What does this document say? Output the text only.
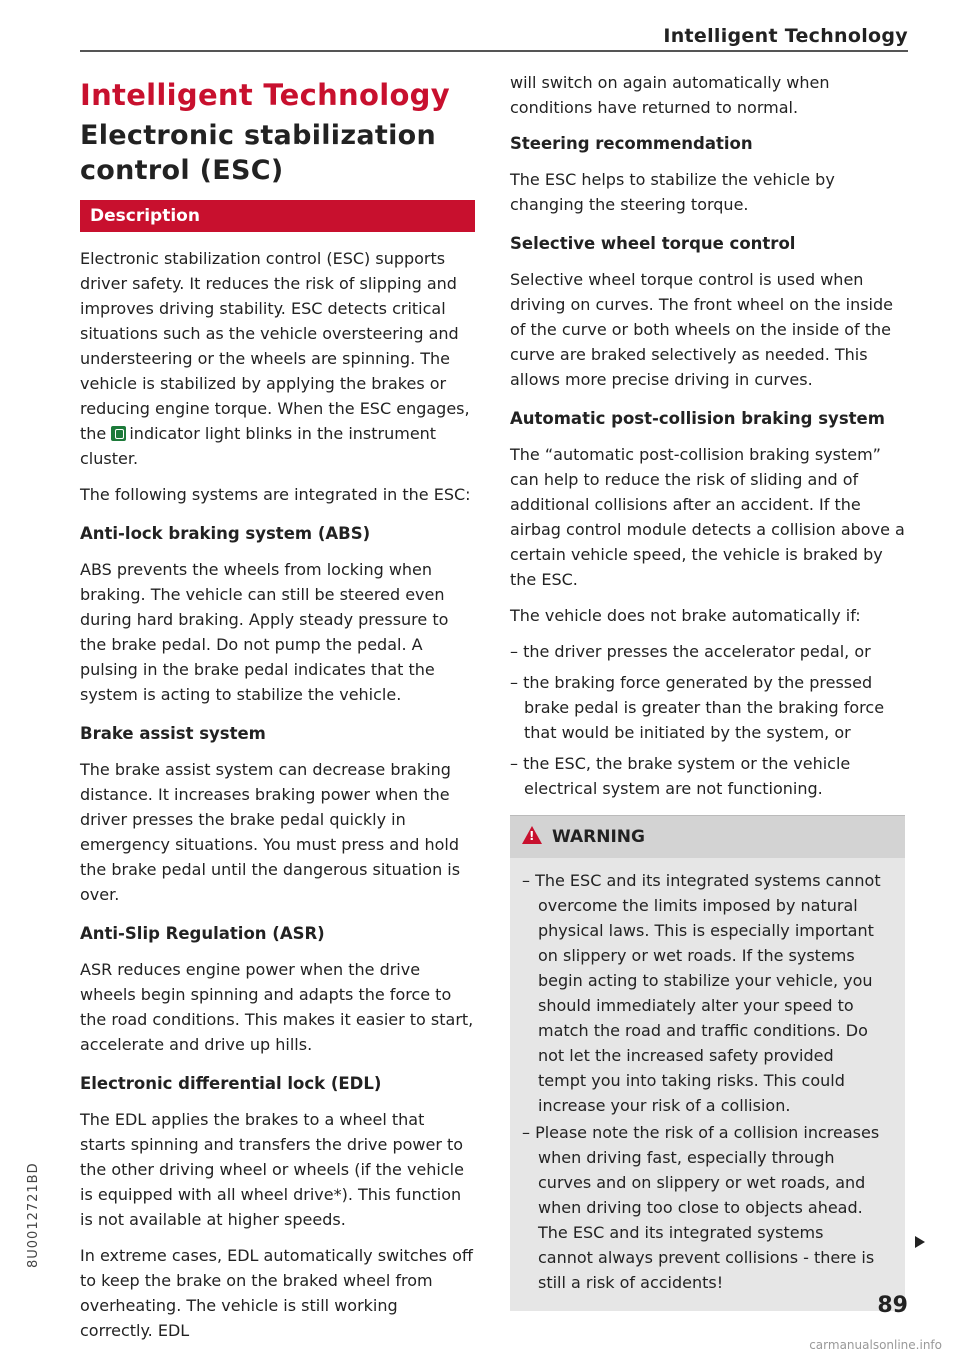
Intelligent Technology
Intelligent Technology
Electronic stabilization control (ESC)
Description

Electronic stabilization control (ESC) supports driver safety. It reduces the risk of slipping and improves driving stability. ESC detects critical situations such as the vehicle oversteering and understeering or the wheels are spinning. The vehicle is stabilized by applying the brakes or reducing engine torque. When the ESC engages, the indicator light blinks in the instrument cluster.

The following systems are integrated in the ESC:

Anti-lock braking system (ABS)

ABS prevents the wheels from locking when braking. The vehicle can still be steered even during hard braking. Apply steady pressure to the brake pedal. Do not pump the pedal. A pulsing in the brake pedal indicates that the system is acting to stabilize the vehicle.

Brake assist system

The brake assist system can decrease braking distance. It increases braking power when the driver presses the brake pedal quickly in emergency situations. You must press and hold the brake pedal until the dangerous situation is over.

Anti-Slip Regulation (ASR)

ASR reduces engine power when the drive wheels begin spinning and adapts the force to the road conditions. This makes it easier to start, accelerate and drive up hills.

Electronic differential lock (EDL)

The EDL applies the brakes to a wheel that starts spinning and transfers the drive power to the other driving wheel or wheels (if the vehicle is equipped with all wheel drive*). This function is not available at higher speeds.

In extreme cases, EDL automatically switches off to keep the brake on the braked wheel from overheating. The vehicle is still working correctly. EDL

will switch on again automatically when conditions have returned to normal.

Steering recommendation

The ESC helps to stabilize the vehicle by changing the steering torque.

Selective wheel torque control

Selective wheel torque control is used when driving on curves. The front wheel on the inside of the curve or both wheels on the inside of the curve are braked selectively as needed. This allows more precise driving in curves.

Automatic post-collision braking system

The “automatic post-collision braking system” can help to reduce the risk of sliding and of additional collisions after an accident. If the airbag control module detects a collision above a certain vehicle speed, the vehicle is braked by the ESC.

The vehicle does not brake automatically if:

– the driver presses the accelerator pedal, or
– the braking force generated by the pressed brake pedal is greater than the braking force that would be initiated by the system, or
– the ESC, the brake system or the vehicle electrical system are not functioning.
!WARNING
– The ESC and its integrated systems cannot overcome the limits imposed by natural physical laws. This is especially important on slippery or wet roads. If the systems begin acting to stabilize your vehicle, you should immediately alter your speed to match the road and traffic conditions. Do not let the increased safety provided tempt you into taking risks. This could increase your risk of a collision.
– Please note the risk of a collision increases when driving fast, especially through curves and on slippery or wet roads, and when driving too close to objects ahead. The ESC and its integrated systems cannot always prevent collisions - there is still a risk of accidents!
89
8U0012721BD
carmanualsonline.info
